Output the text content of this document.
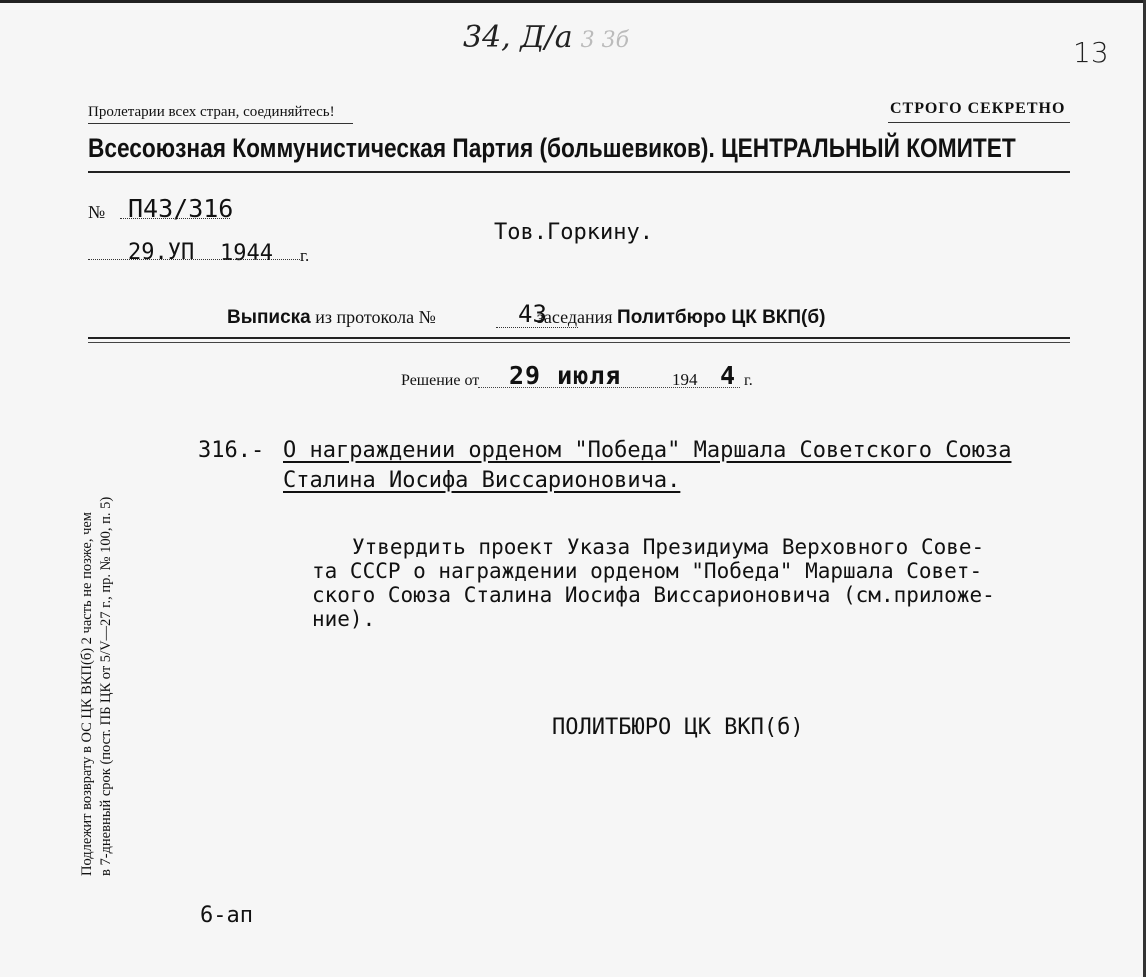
34, Д/а 3 3б	13
Пролетарии всех стран, соединяйтесь!	СТРОГО СЕКРЕТНО
Всесоюзная Коммунистическая Партия (большевиков). ЦЕНТРАЛЬНЫЙ КОМИТЕТ
№ П43/316
29.УП 1944 г.
Тов.Горкину.
Выписка из протокола №	заседания Политбюро ЦК ВКП(б)
43
Решение от 29 июля	194 4 г.
316.- О награждении орденом "Победа" Маршала Советского Союза
Сталина Иосифа Виссарионовича.
Утвердить проект Указа Президиума Верховного Сове-
та СССР о награждении орденом "Победа" Маршала Совет-
ского Союза Сталина Иосифа Виссарионовича (см.приложе-
ние).
ПОЛИТБЮРО ЦК ВКП(б)
Подлежит возврату в ОС ЦК ВКП(б) 2 часть не позже, чем в 7-дневный срок (пост. ПБ ЦК от 5/V—27 г., пр. № 100, п. 5)
6-ап
